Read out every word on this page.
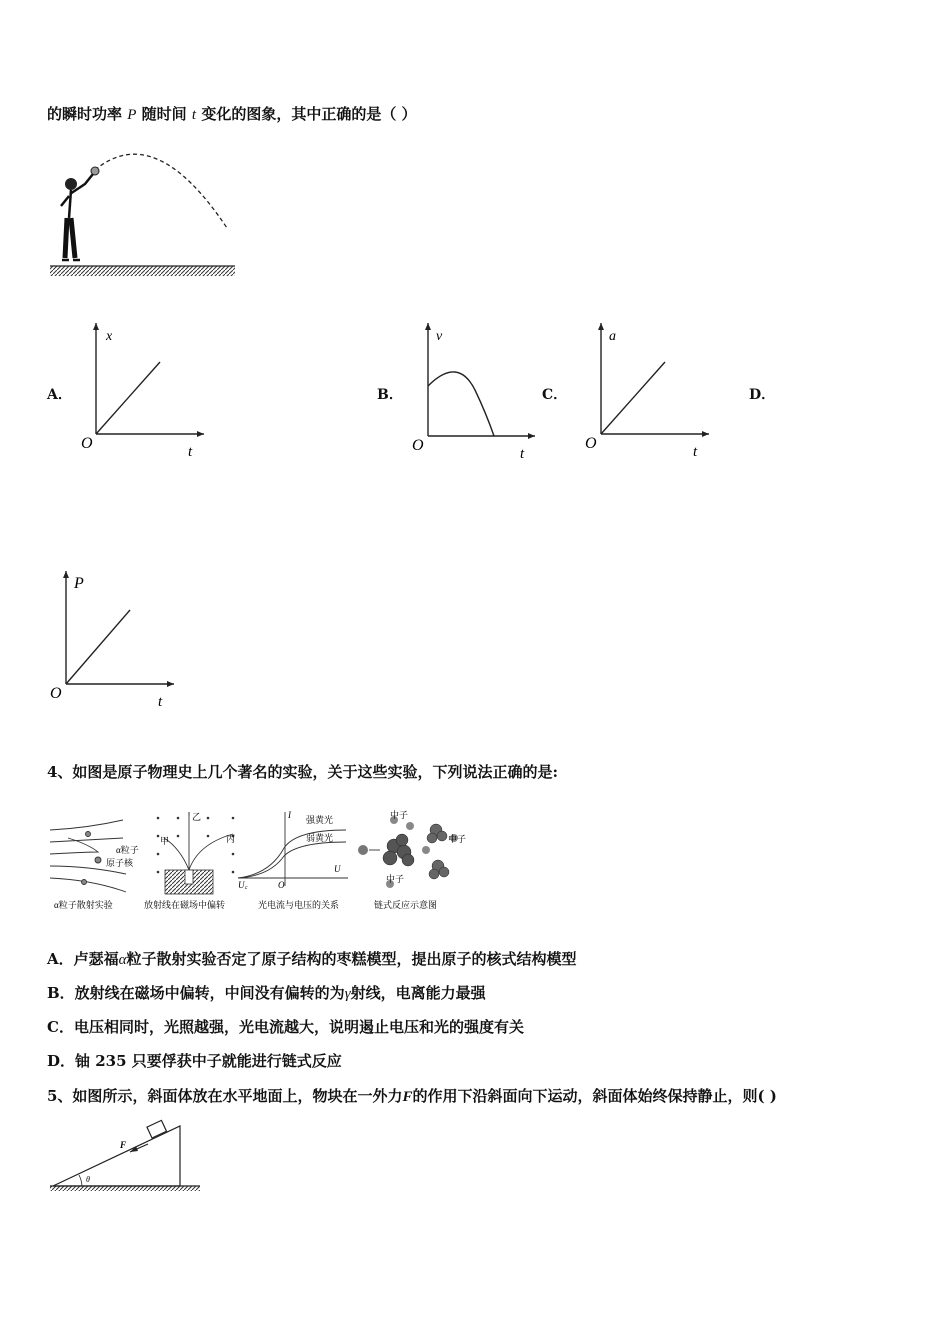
的瞬时功率 P 随时间 t 变化的图象，其中正确的是（ ）
A．
x
O	t
B．
v
O	t
C．
a
O	t
D．
P
O	t
4、如图是原子物理史上几个著名的实验，关于这些实验，下列说法正确的是:
α粒子
原子核
α粒子散射实验
甲
乙
丙
放射线在磁场中偏转
I 强黄光
弱黄光
U
O
U꜀
光电流与电压的关系
中子
中子
中子
链式反应示意图
A．卢瑟福α粒子散射实验否定了原子结构的枣糕模型，提出原子的核式结构模型
B．放射线在磁场中偏转，中间没有偏转的为γ射线，电离能力最强
C．电压相同时，光照越强，光电流越大，说明遏止电压和光的强度有关
D．铀 235 只要俘获中子就能进行链式反应
5、如图所示，斜面体放在水平地面上，物块在一外力F的作用下沿斜面向下运动，斜面体始终保持静止，则( )
F
θ
